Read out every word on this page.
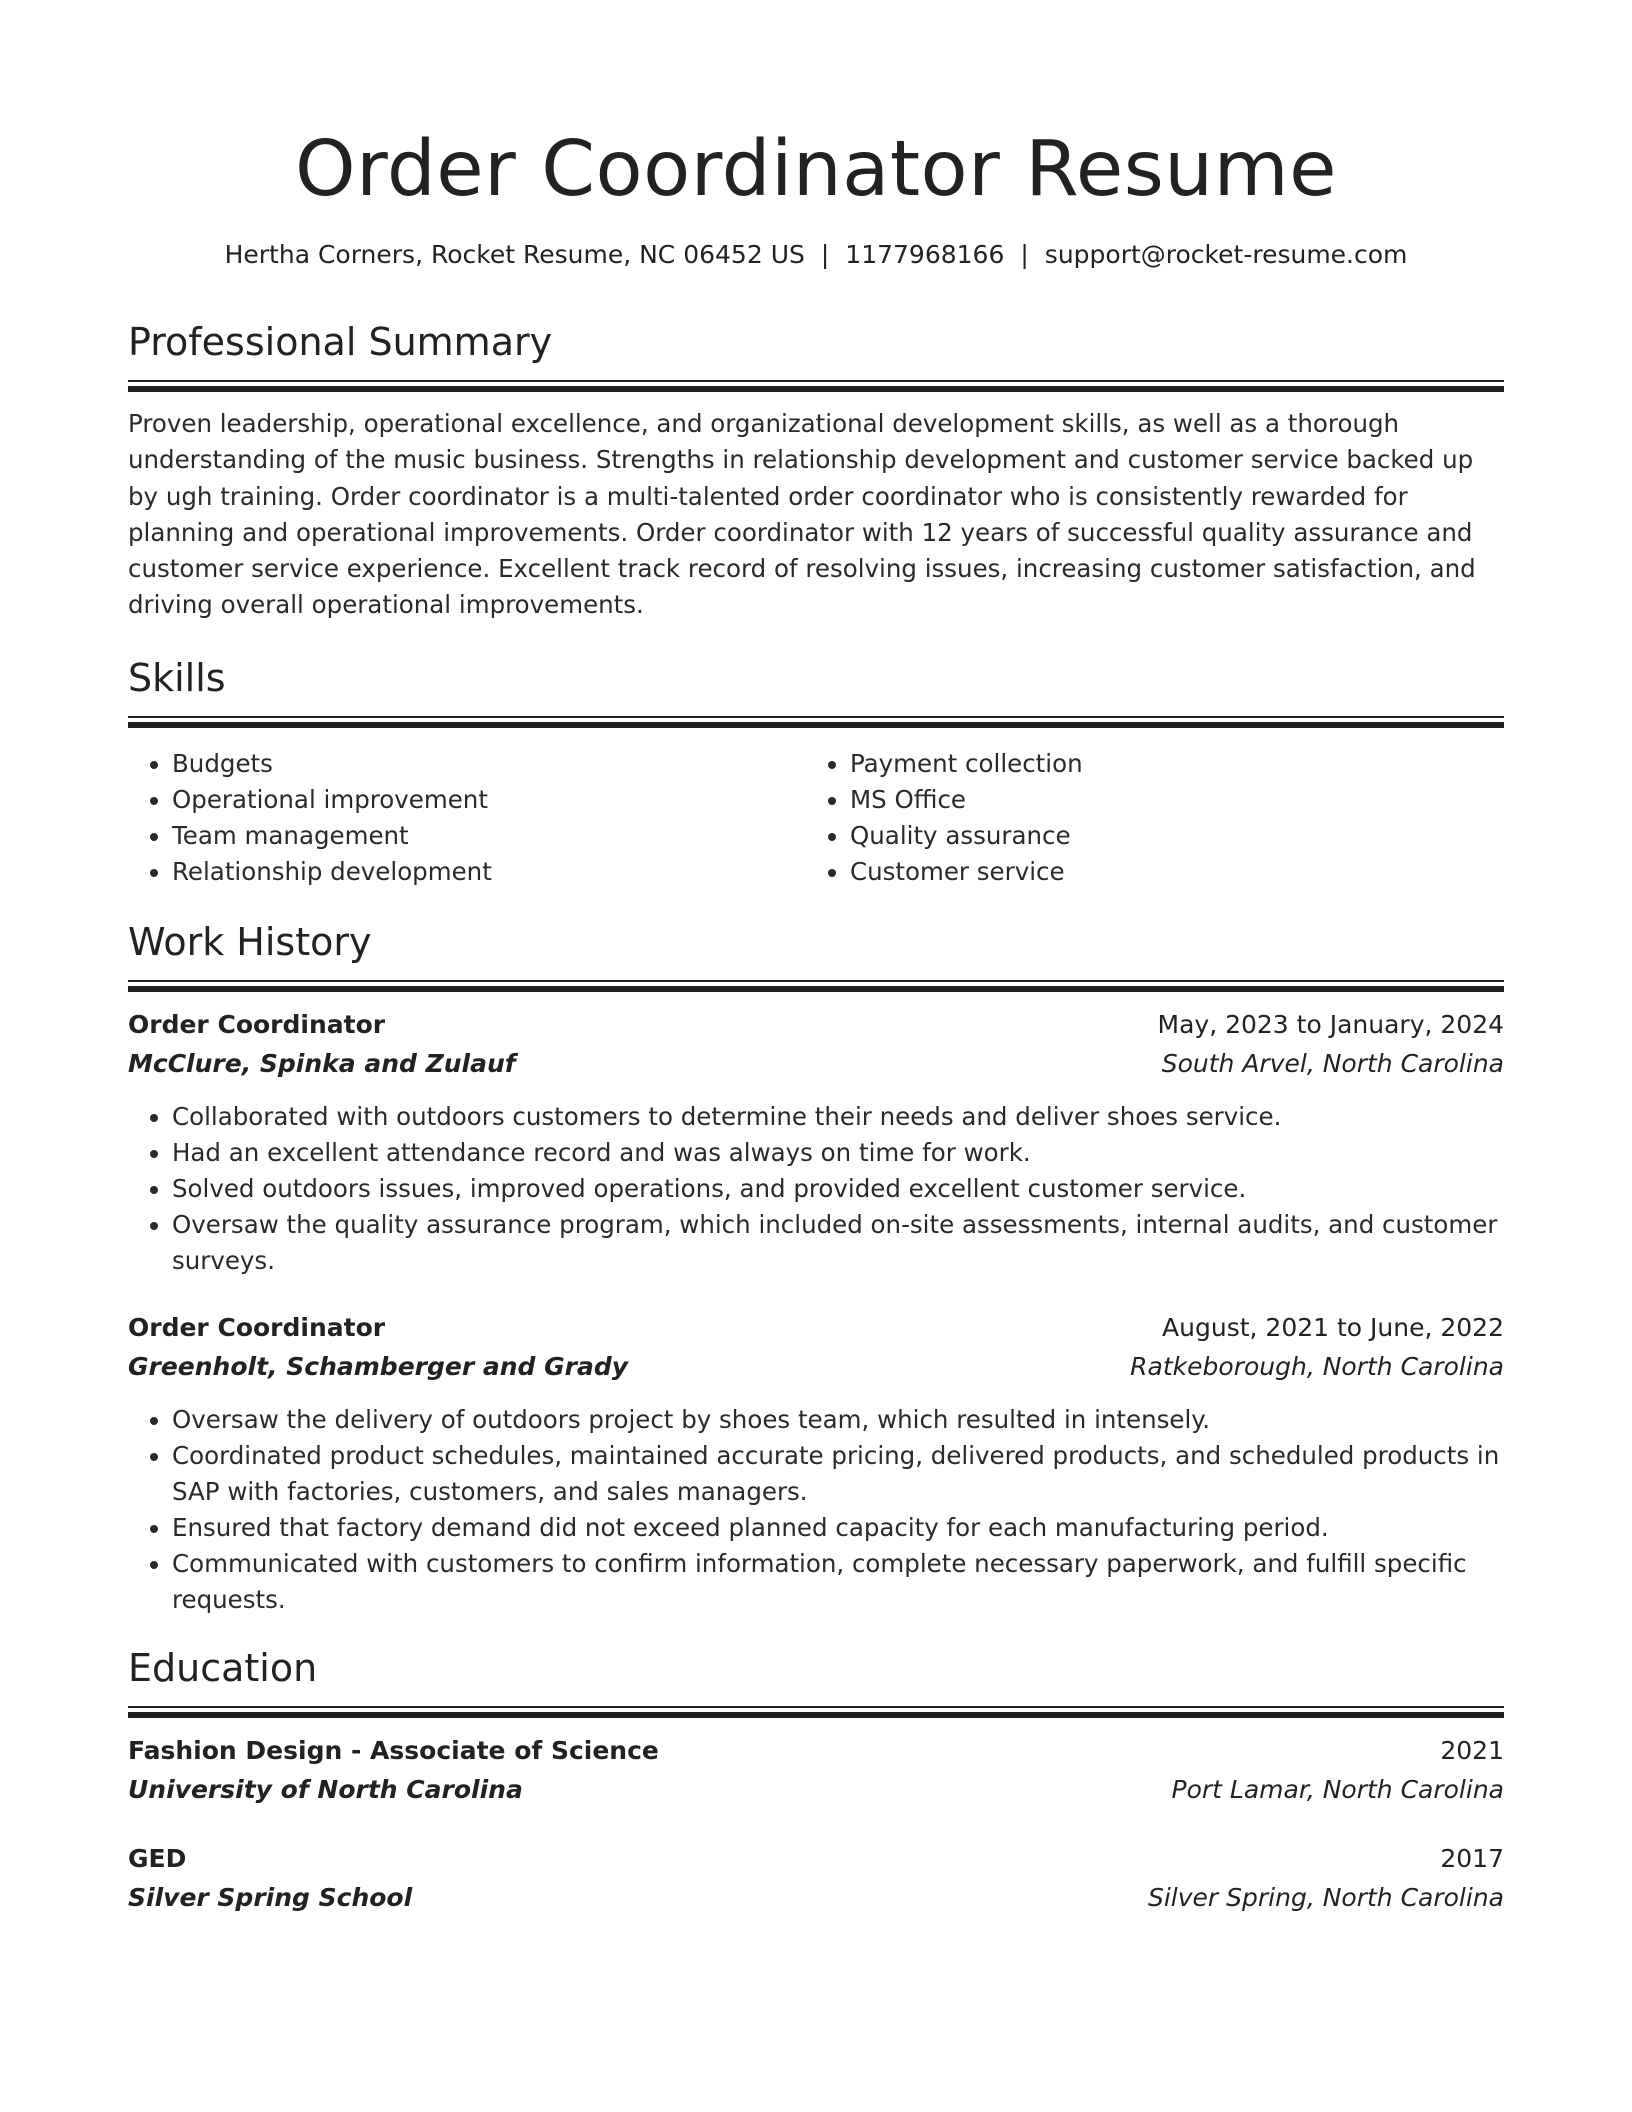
Order Coordinator Resume
Hertha Corners, Rocket Resume, NC 06452 US | 1177968166 | support@rocket-resume.com
Professional Summary

Proven leadership, operational excellence, and organizational development skills, as well as a thorough understanding of the music business. Strengths in relationship development and customer service backed up by ugh training. Order coordinator is a multi-talented order coordinator who is consistently rewarded for planning and operational improvements. Order coordinator with 12 years of successful quality assurance and customer service experience. Excellent track record of resolving issues, increasing customer satisfaction, and driving overall operational improvements.

Skills
• Budgets
• Operational improvement
• Team management
• Relationship development
• Payment collection
• MS Office
• Quality assurance
• Customer service
Work History
Order Coordinator	May, 2023 to January, 2024
McClure, Spinka and Zulauf	South Arvel, North Carolina
• Collaborated with outdoors customers to determine their needs and deliver shoes service.
• Had an excellent attendance record and was always on time for work.
• Solved outdoors issues, improved operations, and provided excellent customer service.
• Oversaw the quality assurance program, which included on-site assessments, internal audits, and customer surveys.
Order Coordinator	August, 2021 to June, 2022
Greenholt, Schamberger and Grady	Ratkeborough, North Carolina
• Oversaw the delivery of outdoors project by shoes team, which resulted in intensely.
• Coordinated product schedules, maintained accurate pricing, delivered products, and scheduled products in SAP with factories, customers, and sales managers.
• Ensured that factory demand did not exceed planned capacity for each manufacturing period.
• Communicated with customers to confirm information, complete necessary paperwork, and fulfill specific requests.
Education
Fashion Design - Associate of Science	2021
University of North Carolina	Port Lamar, North Carolina
GED	2017
Silver Spring School	Silver Spring, North Carolina
